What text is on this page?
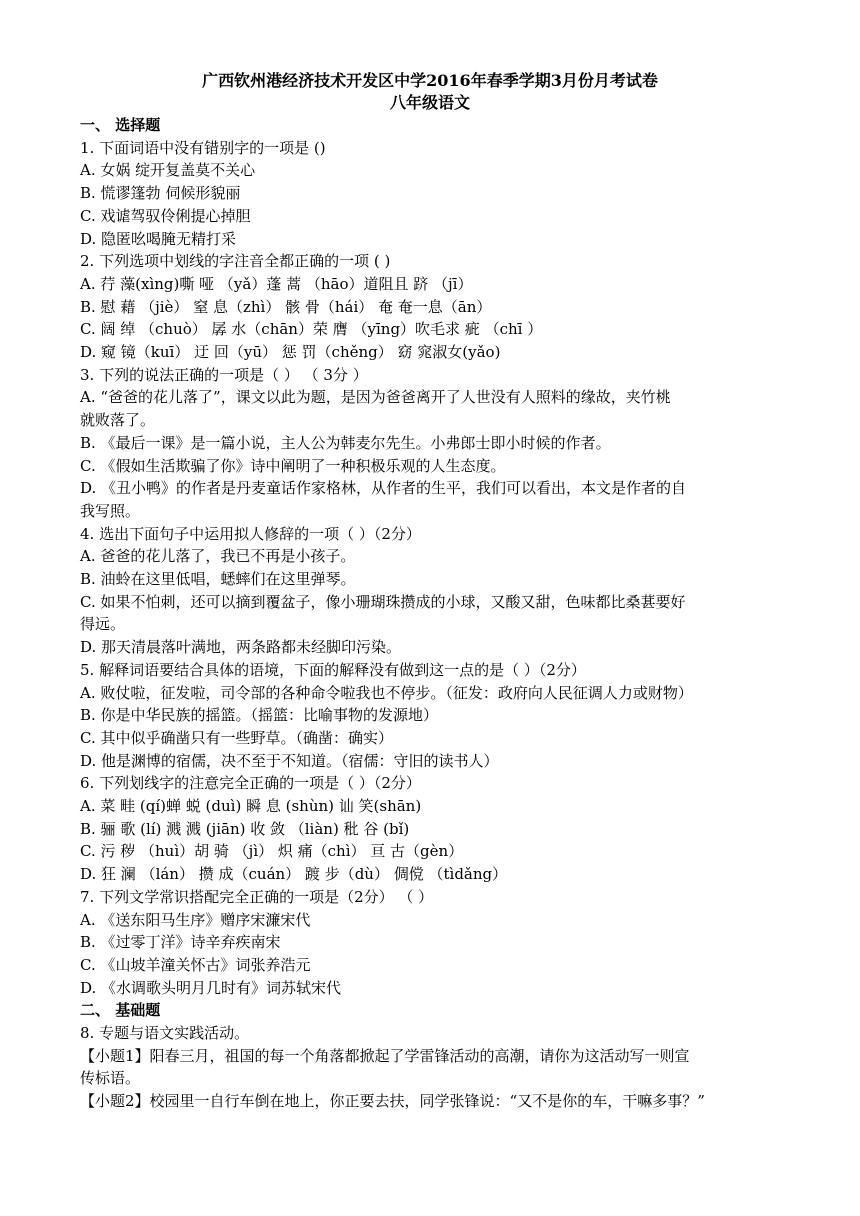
广西钦州港经济技术开发区中学2016年春季学期3月份月考试卷
八年级语文
一、 选择题
1. 下面词语中没有错别字的一项是 ()
A. 女娲 绽开复盖莫不关心
B. 慌谬篷勃 伺候形貌丽
C. 戏谑驾驭伶俐提心掉胆
D. 隐匿吆喝腌无精打采
2. 下列选项中划线的字注音全都正确的一项 ( )
A. 荇 藻(xìng)嘶 哑 （yǎ）蓬 蒿 （hāo）道阻且 跻 （jī）
B. 慰 藉 （jiè） 窒 息（zhì） 骸 骨（hái） 奄 奄一息（ān）
C. 阔 绰 （chuò） 孱 水（chān）荣 膺 （yīng）吹毛求 疵 （chī ）
D. 窥 镜（kuī） 迂 回（yū） 惩 罚（chěng） 窈 窕淑女(yǎo)
3. 下列的说法正确的一项是（ ） （ 3分 ）
A. “爸爸的花儿落了”，课文以此为题，是因为爸爸离开了人世没有人照料的缘故，夹竹桃
就败落了。
B. 《最后一课》是一篇小说，主人公为韩麦尔先生。小弗郎士即小时候的作者。
C. 《假如生活欺骗了你》诗中阐明了一种积极乐观的人生态度。
D. 《丑小鸭》的作者是丹麦童话作家格林，从作者的生平，我们可以看出，本文是作者的自
我写照。
4. 选出下面句子中运用拟人修辞的一项（ ）（2分）
A. 爸爸的花儿落了，我已不再是小孩子。
B. 油蛉在这里低唱，蟋蟀们在这里弹琴。
C. 如果不怕刺，还可以摘到覆盆子，像小珊瑚珠攒成的小球，又酸又甜，色味都比桑葚要好
得远。
D. 那天清晨落叶满地，两条路都未经脚印污染。
5. 解释词语要结合具体的语境，下面的解释没有做到这一点的是（ ）（2分）
A. 败仗啦，征发啦，司令部的各种命令啦我也不停步。（征发：政府向人民征调人力或财物）
B. 你是中华民族的摇篮。（摇篮：比喻事物的发源地）
C. 其中似乎确凿只有一些野草。（确凿：确实）
D. 他是渊博的宿儒，决不至于不知道。（宿儒：守旧的读书人）
6. 下列划线字的注意完全正确的一项是（ ）（2分）
A. 菜 畦 (qí)蝉 蜕 (duì) 瞬 息 (shùn) 讪 笑(shān)
B. 骊 歌 (lí) 溅 溅 (jiān) 收 敛 （liàn) 秕 谷 (bǐ)
C. 污 秽 （huì）胡 骑 （jì） 炽 痛（chì） 亘 古（gèn）
D. 狂 澜 （lán） 攒 成（cuán） 踱 步（dù） 倜傥 （tìdǎng）
7. 下列文学常识搭配完全正确的一项是（2分） （ ）
A. 《送东阳马生序》赠序宋濂宋代
B. 《过零丁洋》诗辛弃疾南宋
C. 《山坡羊潼关怀古》词张养浩元
D. 《水调歌头明月几时有》词苏轼宋代
二、 基础题
8. 专题与语文实践活动。
【小题1】阳春三月，祖国的每一个角落都掀起了学雷锋活动的高潮，请你为这活动写一则宣
传标语。
【小题2】校园里一自行车倒在地上，你正要去扶，同学张锋说：“又不是你的车，干嘛多事？”
